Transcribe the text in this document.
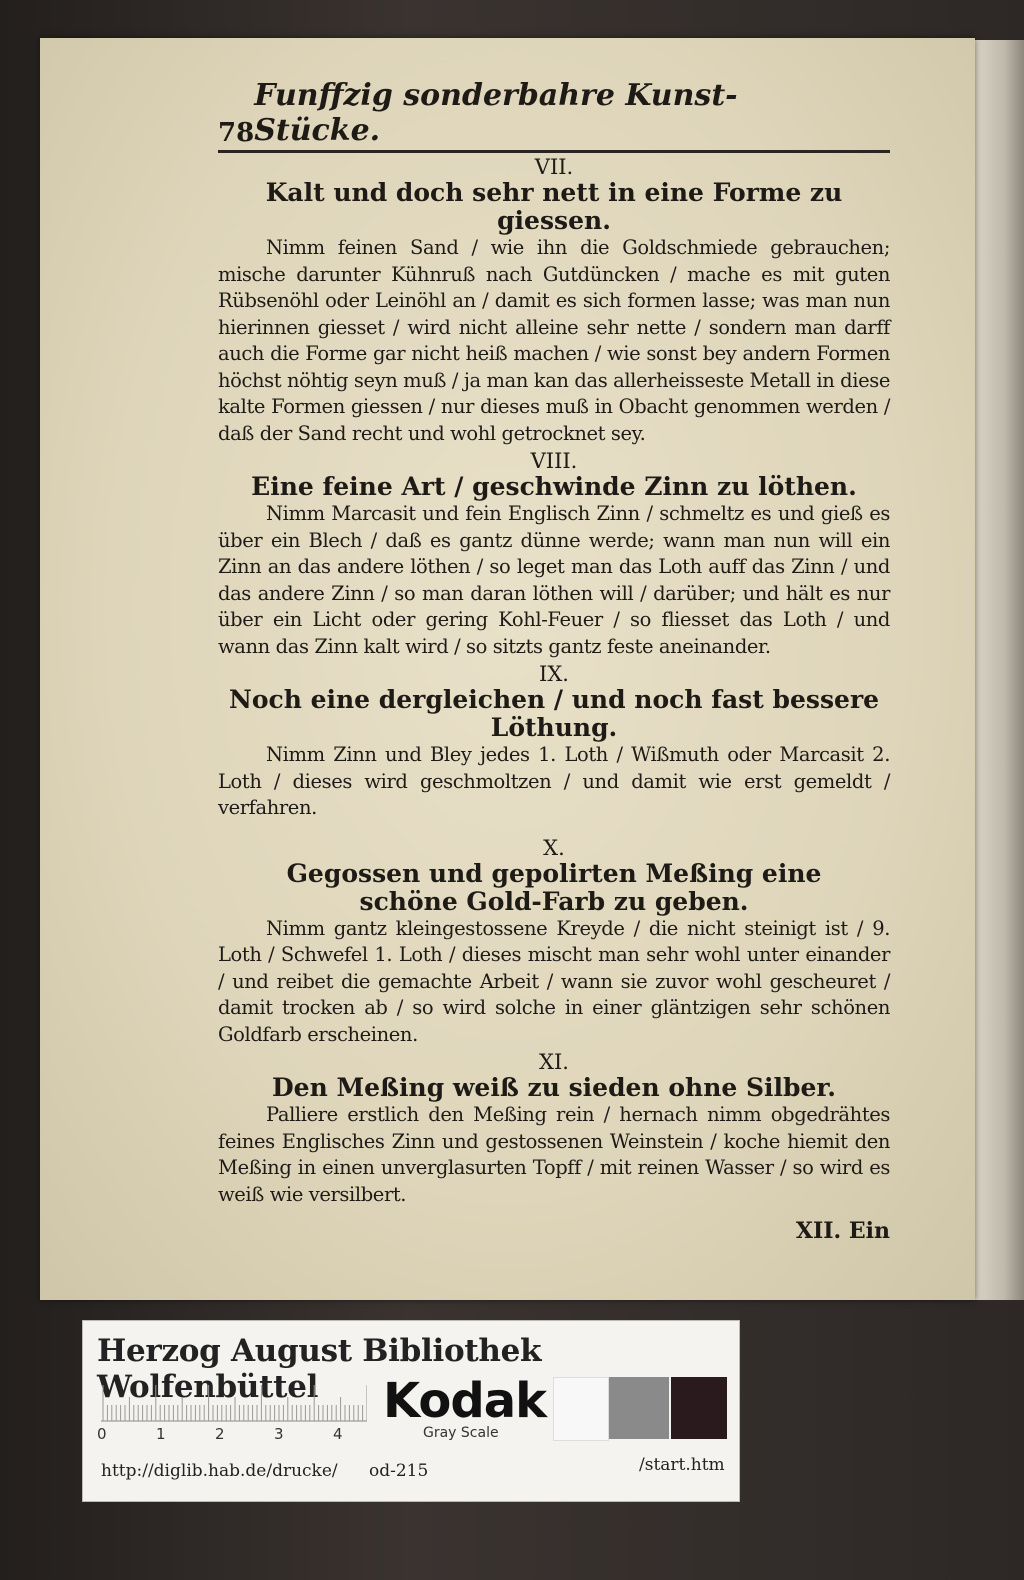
78
Funffzig sonderbahre Kunst-Stücke.
VII.
Kalt und doch sehr nett in eine Forme zu giessen.

Nimm feinen Sand / wie ihn die Goldschmiede gebrauchen; mische darunter Kühnruß nach Gutdüncken / mache es mit guten Rübsenöhl oder Leinöhl an / damit es sich formen lasse; was man nun hierinnen giesset / wird nicht alleine sehr nette / sondern man darff auch die Forme gar nicht heiß machen / wie sonst bey andern Formen höchst nöhtig seyn muß / ja man kan das allerheisseste Metall in diese kalte Formen giessen / nur dieses muß in Obacht genommen werden / daß der Sand recht und wohl getrocknet sey.

VIII.
Eine feine Art / geschwinde Zinn zu löthen.

Nimm Marcasit und fein Englisch Zinn / schmeltz es und gieß es über ein Blech / daß es gantz dünne werde; wann man nun will ein Zinn an das andere löthen / so leget man das Loth auff das Zinn / und das andere Zinn / so man daran löthen will / darüber; und hält es nur über ein Licht oder gering Kohl-Feuer / so fliesset das Loth / und wann das Zinn kalt wird / so sitzts gantz feste aneinander.

IX.
Noch eine dergleichen / und noch fast bessere Löthung.

Nimm Zinn und Bley jedes 1. Loth / Wißmuth oder Marcasit 2. Loth / dieses wird geschmoltzen / und damit wie erst gemeldt / verfahren.

X.
Gegossen und gepolirten Meßing eine schöne Gold-Farb zu geben.

Nimm gantz kleingestossene Kreyde / die nicht steinigt ist / 9. Loth / Schwefel 1. Loth / dieses mischt man sehr wohl unter einander / und reibet die gemachte Arbeit / wann sie zuvor wohl gescheuret / damit trocken ab / so wird solche in einer gläntzigen sehr schönen Goldfarb erscheinen.

XI.
Den Meßing weiß zu sieden ohne Silber.

Palliere erstlich den Meßing rein / hernach nimm obgedrähtes feines Englisches Zinn und gestossenen Weinstein / koche hiemit den Meßing in einen unverglasurten Topff / mit reinen Wasser / so wird es weiß wie versilbert.

XII. Ein
Herzog August Bibliothek Wolfenbüttel
0	1	2	3	4
Kodak
Gray Scale
http://diglib.hab.de/drucke/ od-215	/start.htm
